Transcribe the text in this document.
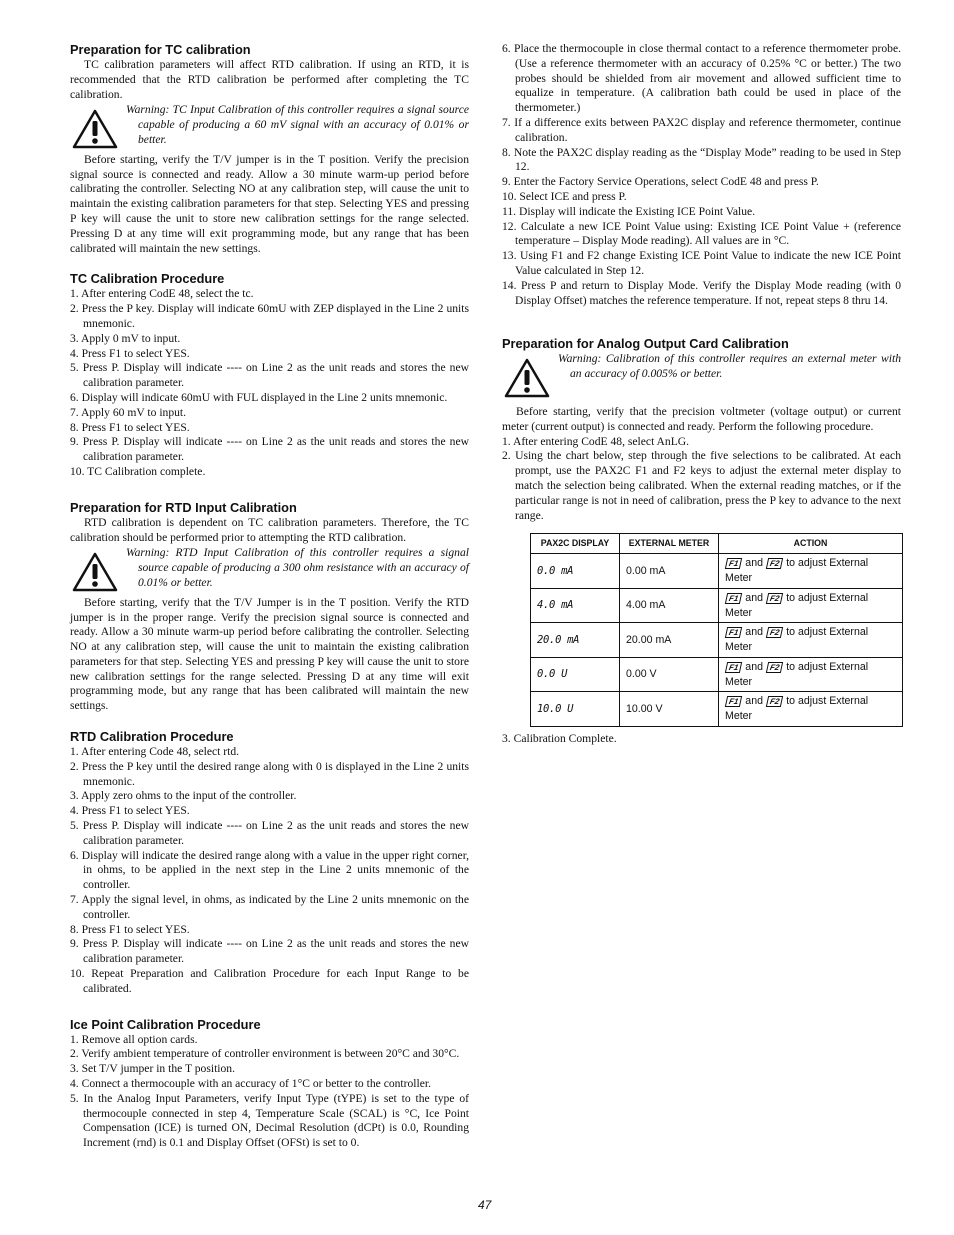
Preparation for TC calibration

TC calibration parameters will affect RTD calibration. If using an RTD, it is recommended that the RTD calibration be performed after completing the TC calibration.

Warning: TC Input Calibration of this controller requires a signal source capable of producing a 60 mV signal with an accuracy of 0.01% or better.

Before starting, verify the T/V jumper is in the T position. Verify the precision signal source is connected and ready. Allow a 30 minute warm-up period before calibrating the controller. Selecting NO at any calibration step, will cause the unit to maintain the existing calibration parameters for that step. Selecting YES and pressing P key will cause the unit to store new calibration settings for the range selected. Pressing D at any time will exit programming mode, but any range that has been calibrated will maintain the new settings.

TC Calibration Procedure
1. After entering CodE 48, select the tc.
2. Press the P key. Display will indicate 60mU with ZEP displayed in the Line 2 units mnemonic.
3. Apply 0 mV to input.
4. Press F1 to select YES.
5. Press P. Display will indicate ---- on Line 2 as the unit reads and stores the new calibration parameter.
6. Display will indicate 60mU with FUL displayed in the Line 2 units mnemonic.
7. Apply 60 mV to input.
8. Press F1 to select YES.
9. Press P. Display will indicate ---- on Line 2 as the unit reads and stores the new calibration parameter.
10. TC Calibration complete.
Preparation for RTD Input Calibration

RTD calibration is dependent on TC calibration parameters. Therefore, the TC calibration should be performed prior to attempting the RTD calibration.

Warning: RTD Input Calibration of this controller requires a signal source capable of producing a 300 ohm resistance with an accuracy of 0.01% or better.

Before starting, verify that the T/V Jumper is in the T position. Verify the RTD jumper is in the proper range. Verify the precision signal source is connected and ready. Allow a 30 minute warm-up period before calibrating the controller. Selecting NO at any calibration step, will cause the unit to maintain the existing calibration parameters for that step. Selecting YES and pressing P key will cause the unit to store new calibration settings for the range selected. Pressing D at any time will exit programming mode, but any range that has been calibrated will maintain the new settings.

RTD Calibration Procedure
1. After entering Code 48, select rtd.
2. Press the P key until the desired range along with 0 is displayed in the Line 2 units mnemonic.
3. Apply zero ohms to the input of the controller.
4. Press F1 to select YES.
5. Press P. Display will indicate ---- on Line 2 as the unit reads and stores the new calibration parameter.
6. Display will indicate the desired range along with a value in the upper right corner, in ohms, to be applied in the next step in the Line 2 units mnemonic of the controller.
7. Apply the signal level, in ohms, as indicated by the Line 2 units mnemonic on the controller.
8. Press F1 to select YES.
9. Press P. Display will indicate ---- on Line 2 as the unit reads and stores the new calibration parameter.
10. Repeat Preparation and Calibration Procedure for each Input Range to be calibrated.
Ice Point Calibration Procedure
1. Remove all option cards.
2. Verify ambient temperature of controller environment is between 20°C and 30°C.
3. Set T/V jumper in the T position.
4. Connect a thermocouple with an accuracy of 1°C or better to the controller.
5. In the Analog Input Parameters, verify Input Type (tYPE) is set to the type of thermocouple connected in step 4, Temperature Scale (SCAL) is °C, Ice Point Compensation (ICE) is turned ON, Decimal Resolution (dCPt) is 0.0, Rounding Increment (rnd) is 0.1 and Display Offset (OFSt) is set to 0.
6. Place the thermocouple in close thermal contact to a reference thermometer probe. (Use a reference thermometer with an accuracy of 0.25% °C or better.) The two probes should be shielded from air movement and allowed sufficient time to equalize in temperature. (A calibration bath could be used in place of the thermometer.)
7. If a difference exits between PAX2C display and reference thermometer, continue calibration.
8. Note the PAX2C display reading as the “Display Mode” reading to be used in Step 12.
9. Enter the Factory Service Operations, select CodE 48 and press P.
10. Select ICE and press P.
11. Display will indicate the Existing ICE Point Value.
12. Calculate a new ICE Point Value using: Existing ICE Point Value + (reference temperature – Display Mode reading). All values are in °C.
13. Using F1 and F2 change Existing ICE Point Value to indicate the new ICE Point Value calculated in Step 12.
14. Press P and return to Display Mode. Verify the Display Mode reading (with 0 Display Offset) matches the reference temperature. If not, repeat steps 8 thru 14.
Preparation for Analog Output Card Calibration
Warning: Calibration of this controller requires an external meter with an accuracy of 0.005% or better.

Before starting, verify that the precision voltmeter (voltage output) or current meter (current output) is connected and ready. Perform the following procedure.

1. After entering CodE 48, select AnLG.
2. Using the chart below, step through the five selections to be calibrated. At each prompt, use the PAX2C F1 and F2 keys to adjust the external meter display to match the selection being calibrated. When the external reading matches, or if the particular range is not in need of calibration, press the P key to advance to the next range.
PAX2C DISPLAY	EXTERNAL METER	ACTION
0.0 mA	0.00 mA	F1 and F2 to adjust External Meter
4.0 mA	4.00 mA	F1 and F2 to adjust External Meter
20.0 mA	20.00 mA	F1 and F2 to adjust External Meter
0.0 U	0.00 V	F1 and F2 to adjust External Meter
10.0 U	10.00 V	F1 and F2 to adjust External Meter

3. Calibration Complete.

47
